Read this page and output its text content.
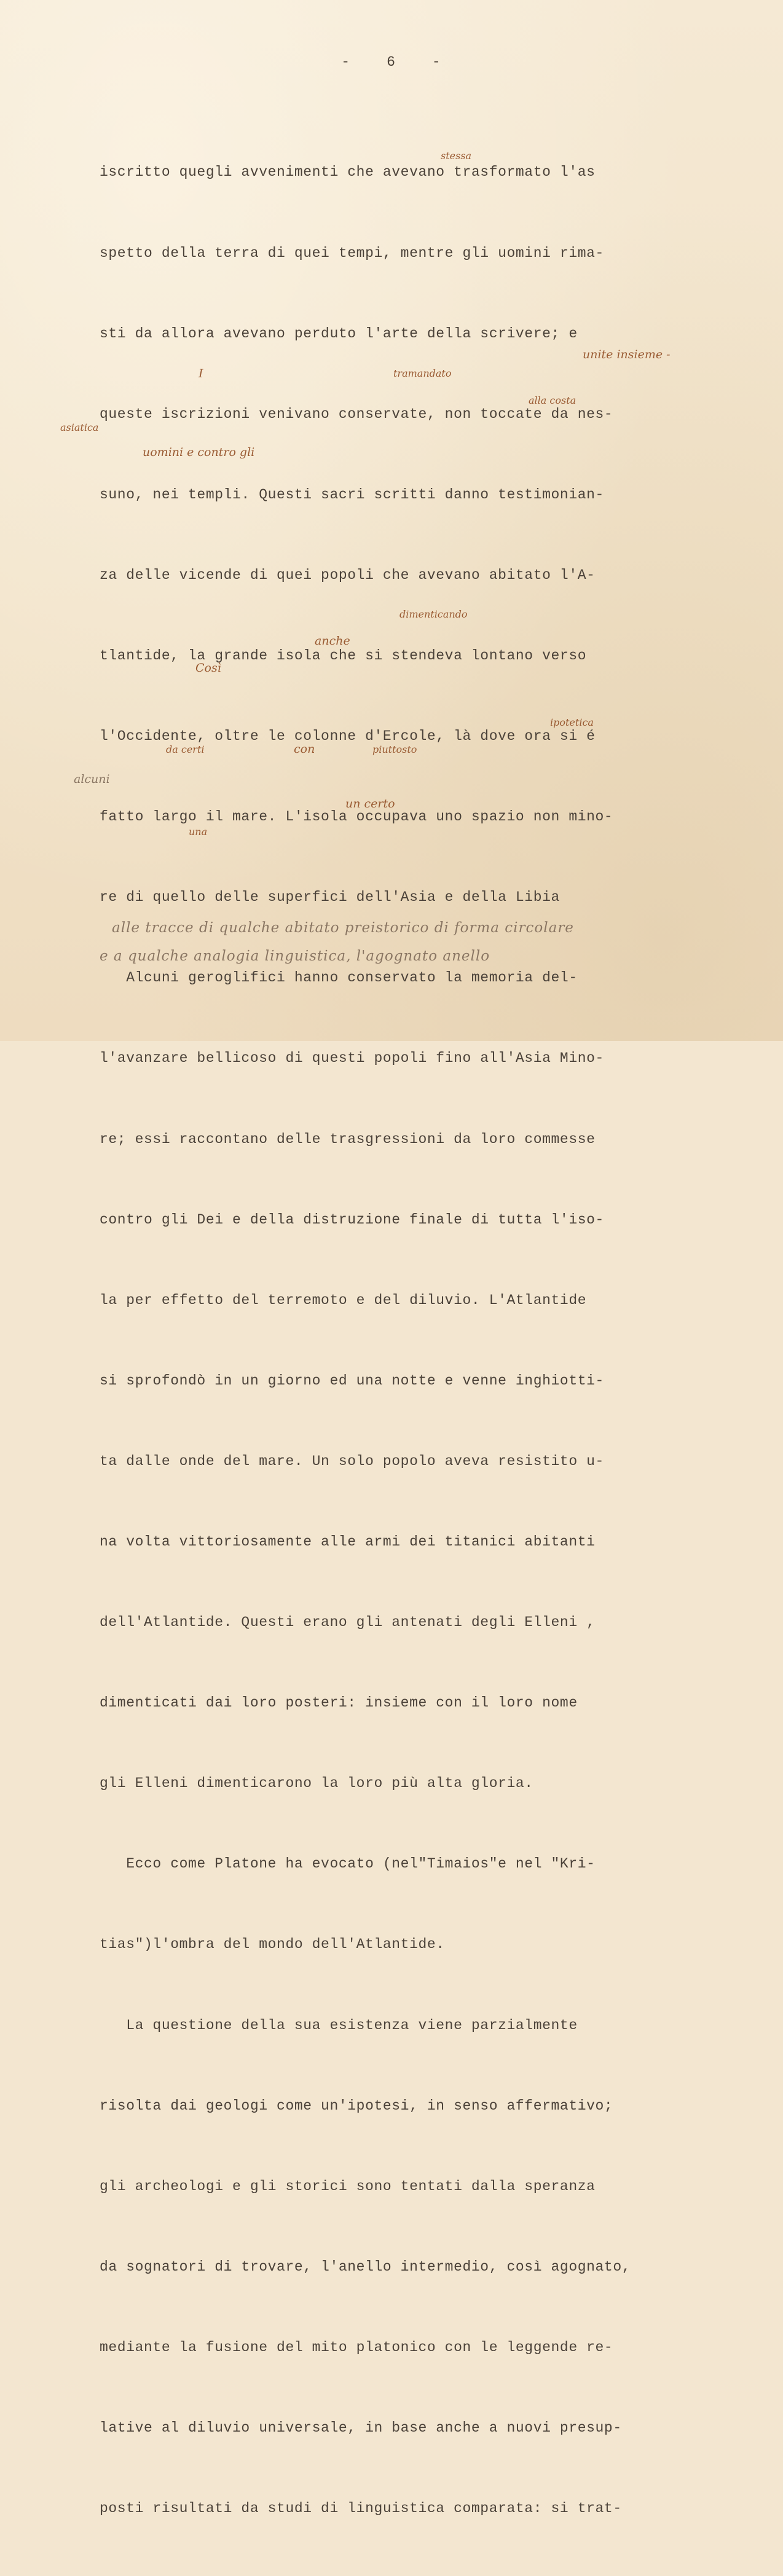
-	6	-

iscritto quegli avvenimenti che avevano trasformato l'as

spetto della terra di quei tempi, mentre gli uomini rima-

sti da allora avevano perduto l'arte della scrivere; e

queste iscrizioni venivano conservate, non toccate da nes-

suno, nei templi. Questi sacri scritti danno testimonian-

za delle vicende di quei popoli che avevano abitato l'A-

tlantide, la grande isola che si stendeva lontano verso

l'Occidente, oltre le colonne d'Ercole, là dove ora si é

fatto largo il mare. L'isola occupava uno spazio non mino-

re di quello delle superfici dell'Asia e della Libia

Alcuni geroglifici hanno conservato la memoria del-

l'avanzare bellicoso di questi popoli fino all'Asia Mino-

re; essi raccontano delle trasgressioni da loro commesse

contro gli Dei e della distruzione finale di tutta l'iso-

la per effetto del terremoto e del diluvio. L'Atlantide

si sprofondò in un giorno ed una notte e venne inghiotti-

ta dalle onde del mare. Un solo popolo aveva resistito u-

na volta vittoriosamente alle armi dei titanici abitanti

dell'Atlantide. Questi erano gli antenati degli Elleni ,

dimenticati dai loro posteri: insieme con il loro nome

gli Elleni dimenticarono la loro più alta gloria.

Ecco come Platone ha evocato (nel"Timaios"e nel "Kri-

tias")l'ombra del mondo dell'Atlantide.

La questione della sua esistenza viene parzialmente

risolta dai geologi come un'ipotesi, in senso affermativo;

gli archeologi e gli storici sono tentati dalla speranza

da sognatori di trovare, l'anello intermedio, così agognato,

mediante la fusione del mito platonico con le leggende re-

lative al diluvio universale, in base anche a nuovi presup-

posti risultati da studi di linguistica comparata: si trat-

stessa
unite insieme -
I	tramandato
alla costa
asiatica
uomini e contro gli
dimenticando
anche
Così
ipotetica
da certi	con	piuttosto
alcuni
un certo
una
alle tracce di qualche abitato preistorico di forma circolare
e a qualche analogia linguistica, l'agognato anello
